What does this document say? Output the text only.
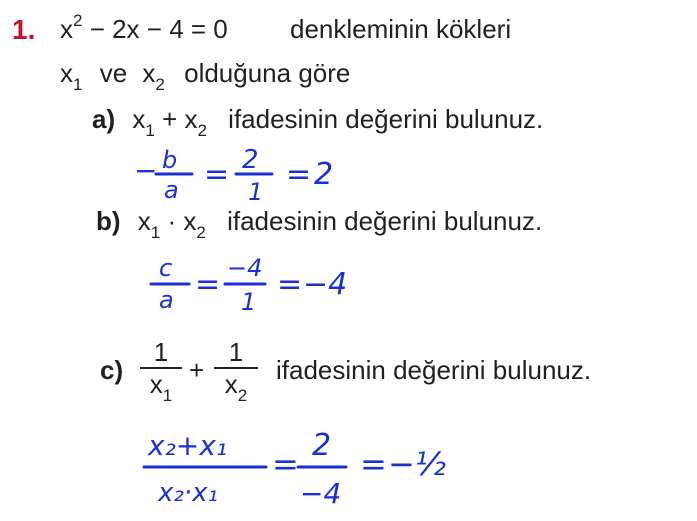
1. $x^2 - 2x - 4 = 0$ denkleminin kökleri
$x_1$ ve $x_2$ olduğuna göre
a) $x_1 + x_2$ ifadesinin değerini bulunuz.
− b
a = 2
1 = 2
b) $x_1 \cdot x_2$ ifadesinin değerini bulunuz.
c
a = −4
1 = −4
c)
1
$x_1$
+
1
$x_2$
ifadesinin değerini bulunuz.
x₂+x₁
x₂·x₁
= 2
−4
= −½
